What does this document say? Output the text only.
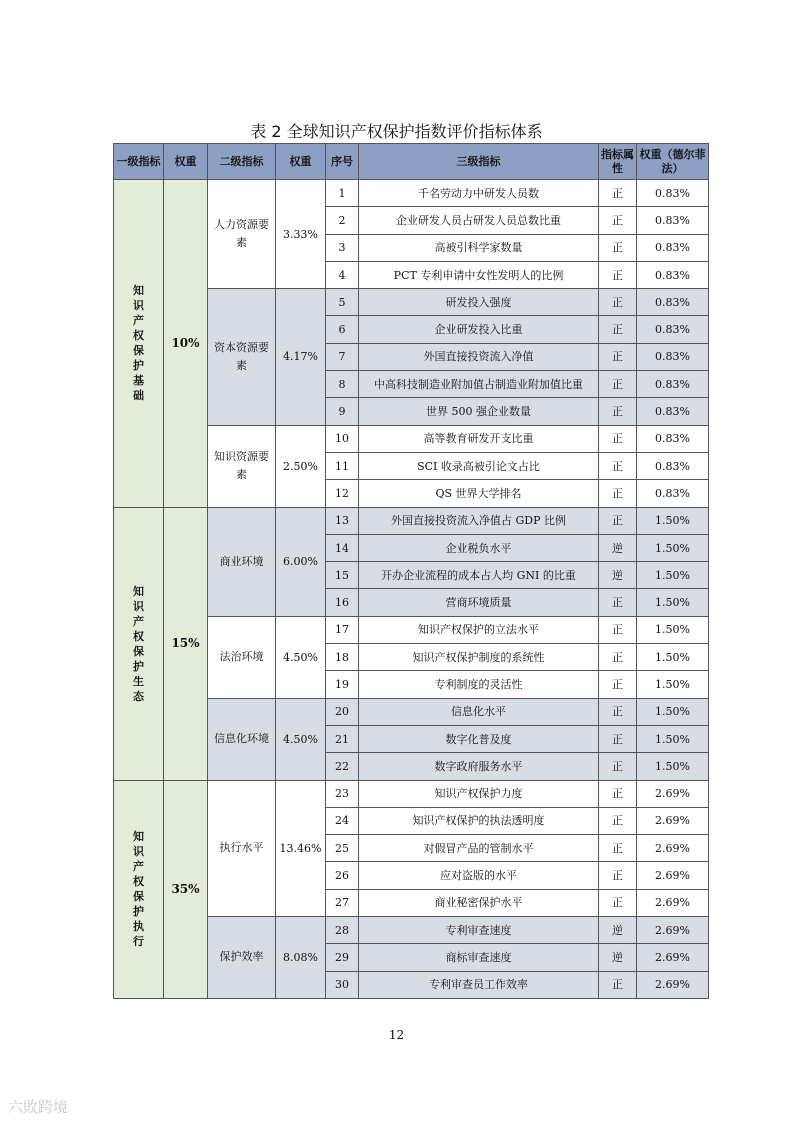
表 2 全球知识产权保护指数评价指标体系
一级指标	权重	二级指标	权重	序号	三级指标	指标属性	权重（德尔菲法）
知识产权保护基础	10%	人力资源要素	3.33%	1	千名劳动力中研发人员数	正	0.83%
				2	企业研发人员占研发人员总数比重	正	0.83%
				3	高被引科学家数量	正	0.83%
				4	PCT 专利申请中女性发明人的比例	正	0.83%
		资本资源要素	4.17%	5	研发投入强度	正	0.83%
				6	企业研发投入比重	正	0.83%
				7	外国直接投资流入净值	正	0.83%
				8	中高科技制造业附加值占制造业附加值比重	正	0.83%
				9	世界 500 强企业数量	正	0.83%
		知识资源要素	2.50%	10	高等教育研发开支比重	正	0.83%
				11	SCI 收录高被引论文占比	正	0.83%
				12	QS 世界大学排名	正	0.83%
知识产权保护生态	15%	商业环境	6.00%	13	外国直接投资流入净值占 GDP 比例	正	1.50%
				14	企业税负水平	逆	1.50%
				15	开办企业流程的成本占人均 GNI 的比重	逆	1.50%
				16	营商环境质量	正	1.50%
		法治环境	4.50%	17	知识产权保护的立法水平	正	1.50%
				18	知识产权保护制度的系统性	正	1.50%
				19	专利制度的灵活性	正	1.50%
		信息化环境	4.50%	20	信息化水平	正	1.50%
				21	数字化普及度	正	1.50%
				22	数字政府服务水平	正	1.50%
知识产权保护执行	35%	执行水平	13.46%	23	知识产权保护力度	正	2.69%
				24	知识产权保护的执法透明度	正	2.69%
				25	对假冒产品的管制水平	正	2.69%
				26	应对盗版的水平	正	2.69%
				27	商业秘密保护水平	正	2.69%
		保护效率	8.08%	28	专利审查速度	逆	2.69%
				29	商标审查速度	逆	2.69%
				30	专利审查员工作效率	正	2.69%
12
六敗跨境
